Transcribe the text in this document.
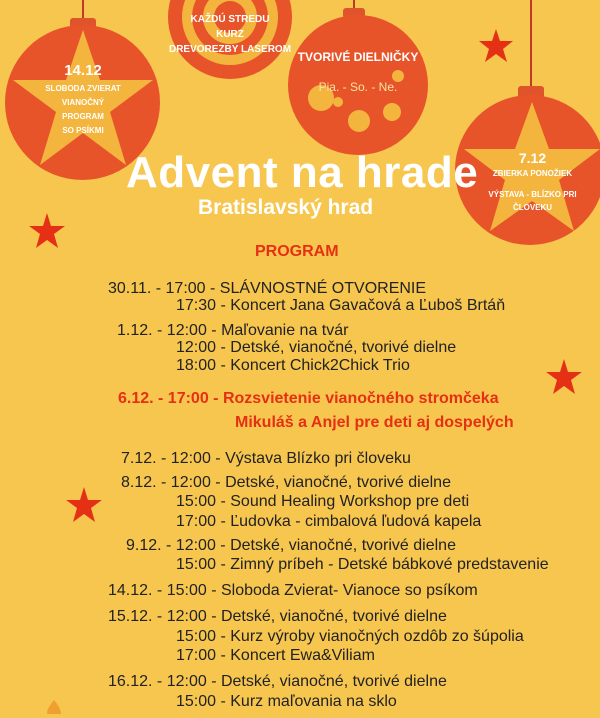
KAŽDÚ STREDU
KURZ
DREVOREZBY LASEROM
TVORIVÉ DIELNIČKY
Pia. - So. - Ne.
14.12
SLOBODA ZVIERAT
VIANOČNÝ
PROGRAM
SO PSÍKMI
7.12
ZBIERKA PONOŽIEK
VÝSTAVA - BLÍZKO PRI
ČLOVEKU
Advent na hrade
Bratislavský hrad
PROGRAM
30.11. - 17:00 - SLÁVNOSTNÉ OTVORENIE
17:30 - Koncert Jana Gavačová a Ľuboš Brtáň
1.12. - 12:00 - Maľovanie na tvár
12:00 - Detské, vianočné, tvorivé dielne
18:00 - Koncert Chick2Chick Trio
6.12. - 17:00 - Rozsvietenie vianočného stromčeka
Mikuláš a Anjel pre deti aj dospelých
7.12. - 12:00 - Výstava Blízko pri človeku
8.12. - 12:00 - Detské, vianočné, tvorivé dielne
15:00 - Sound Healing Workshop pre deti
17:00 - Ľudovka - cimbalová ľudová kapela
9.12. - 12:00 - Detské, vianočné, tvorivé dielne
15:00 - Zimný príbeh - Detské bábkové predstavenie
14.12. - 15:00 - Sloboda Zvierat- Vianoce so psíkom
15.12. - 12:00 - Detské, vianočné, tvorivé dielne
15:00 - Kurz výroby vianočných ozdôb zo šúpolia
17:00 - Koncert Ewa&Viliam
16.12. - 12:00 - Detské, vianočné, tvorivé dielne
15:00 - Kurz maľovania na sklo
